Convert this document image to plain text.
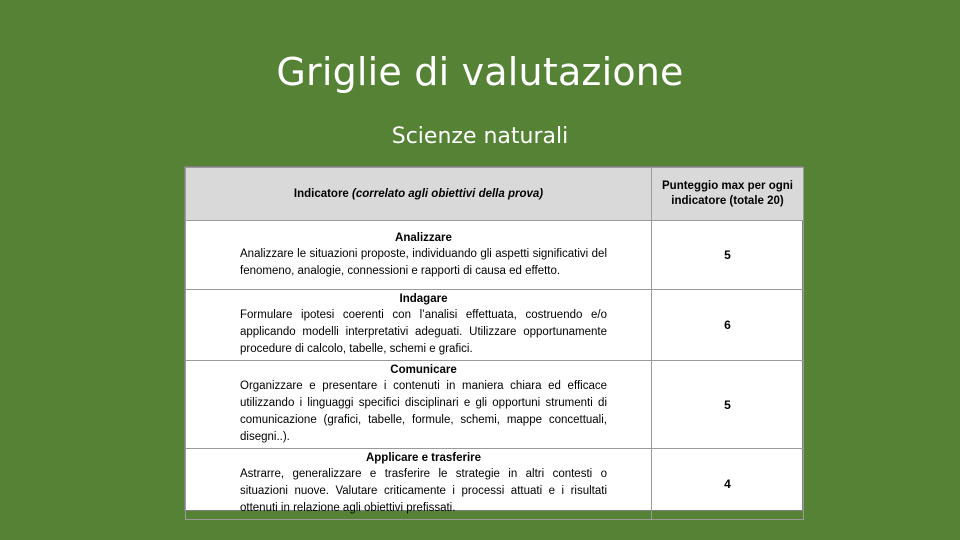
Griglie di valutazione
Scienze naturali
Indicatore (correlato agli obiettivi della prova)	Punteggio max per ogni indicatore (totale 20)

Analizzare
Analizzare le situazioni proposte, individuando gli aspetti significativi del fenomeno, analogie, connessioni e rapporti di causa ed effetto.	5

Indagare
Formulare ipotesi coerenti con l’analisi effettuata, costruendo e/o applicando modelli interpretativi adeguati. Utilizzare opportunamente procedure di calcolo, tabelle, schemi e grafici.	6

Comunicare
Organizzare e presentare i contenuti in maniera chiara ed efficace utilizzando i linguaggi specifici disciplinari e gli opportuni strumenti di comunicazione (grafici, tabelle, formule, schemi, mappe concettuali, disegni..).	5

Applicare e trasferire
Astrarre, generalizzare e trasferire le strategie in altri contesti o situazioni nuove. Valutare criticamente i processi attuati e i risultati ottenuti in relazione agli obiettivi prefissati.	4
